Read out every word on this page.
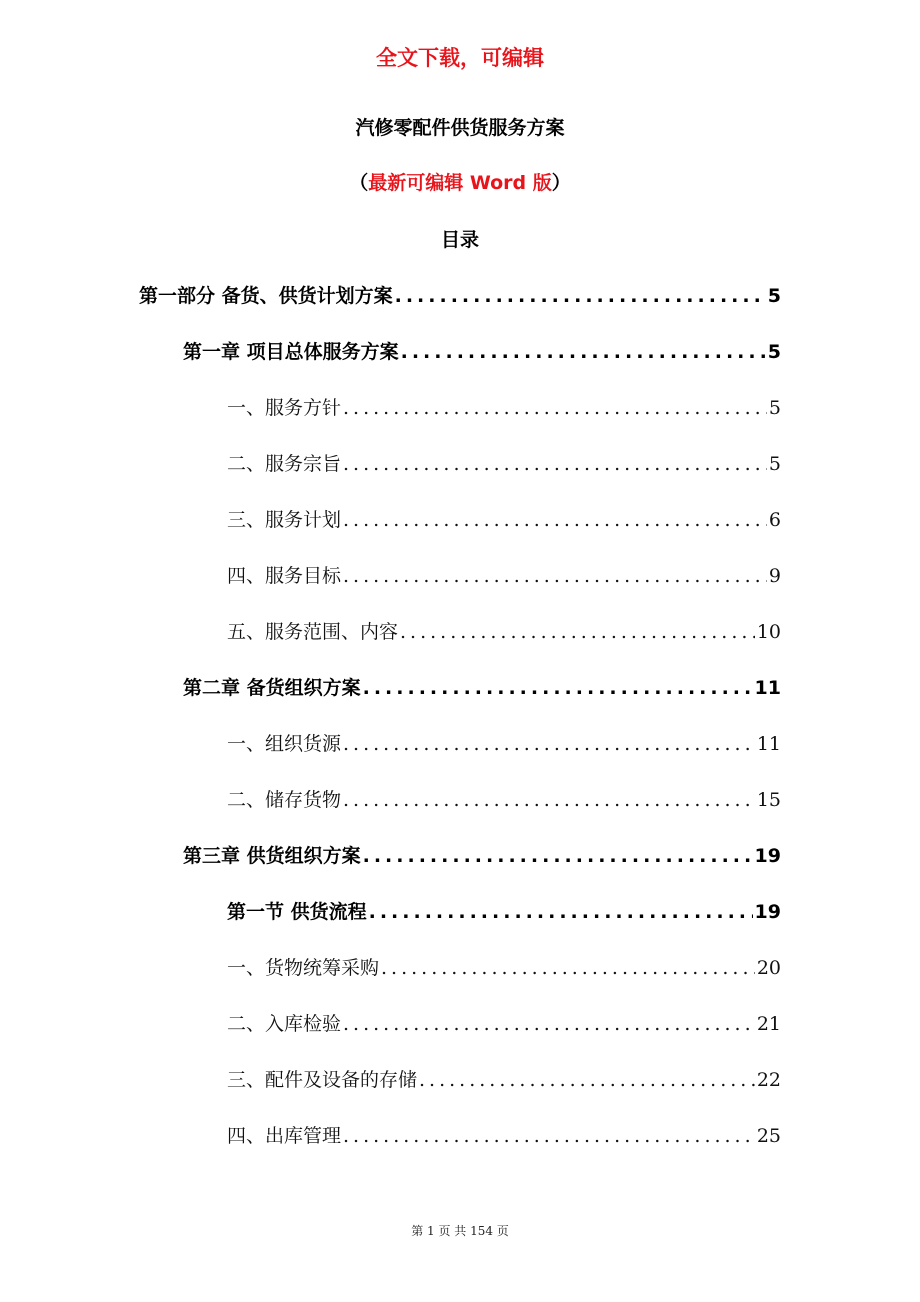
全文下载，可编辑
汽修零配件供货服务方案
（最新可编辑 Word 版）
目录
第一部分 备货、供货计划方案 .....	5
第一章 项目总体服务方案 .....	5
一、服务方针 .....	5
二、服务宗旨 .....	5
三、服务计划 .....	6
四、服务目标 .....	9
五、服务范围、内容 .....	10
第二章 备货组织方案 .....	11
一、组织货源 .....	11
二、储存货物 .....	15
第三章 供货组织方案 .....	19
第一节 供货流程 .....	19
一、货物统筹采购 .....	20
二、入库检验 .....	21
三、配件及设备的存储 .....	22
四、出库管理 .....	25
第 1 页 共 154 页
